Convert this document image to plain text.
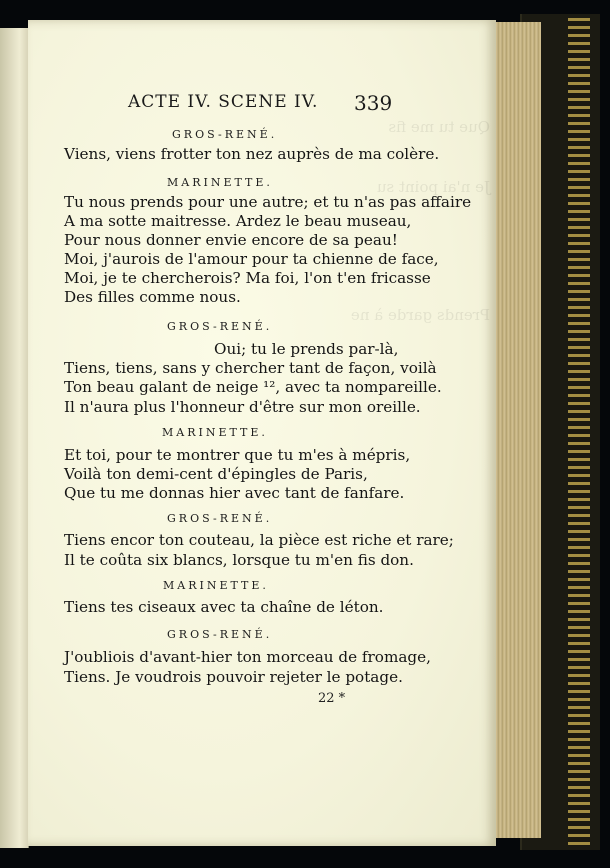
Que tu me fis
Je n'ai point su
Prends garde à ne
ACTE IV. SCENE IV. 339
GROS-RENÉ.
Viens, viens frotter ton nez auprès de ma colère.
MARINETTE.
Tu nous prends pour une autre; et tu n'as pas affaire
A ma sotte maitresse. Ardez le beau museau,
Pour nous donner envie encore de sa peau!
Moi, j'aurois de l'amour pour ta chienne de face,
Moi, je te chercherois? Ma foi, l'on t'en fricasse
Des filles comme nous.
GROS-RENÉ.
Oui; tu le prends par-là,
Tiens, tiens, sans y chercher tant de façon, voilà
Ton beau galant de neige ¹², avec ta nompareille.
Il n'aura plus l'honneur d'être sur mon oreille.
MARINETTE.
Et toi, pour te montrer que tu m'es à mépris,
Voilà ton demi-cent d'épingles de Paris,
Que tu me donnas hier avec tant de fanfare.
GROS-RENÉ.
Tiens encor ton couteau, la pièce est riche et rare;
Il te coûta six blancs, lorsque tu m'en fis don.
MARINETTE.
Tiens tes ciseaux avec ta chaîne de léton.
GROS-RENÉ.
J'oubliois d'avant-hier ton morceau de fromage,
Tiens. Je voudrois pouvoir rejeter le potage.
22 *
